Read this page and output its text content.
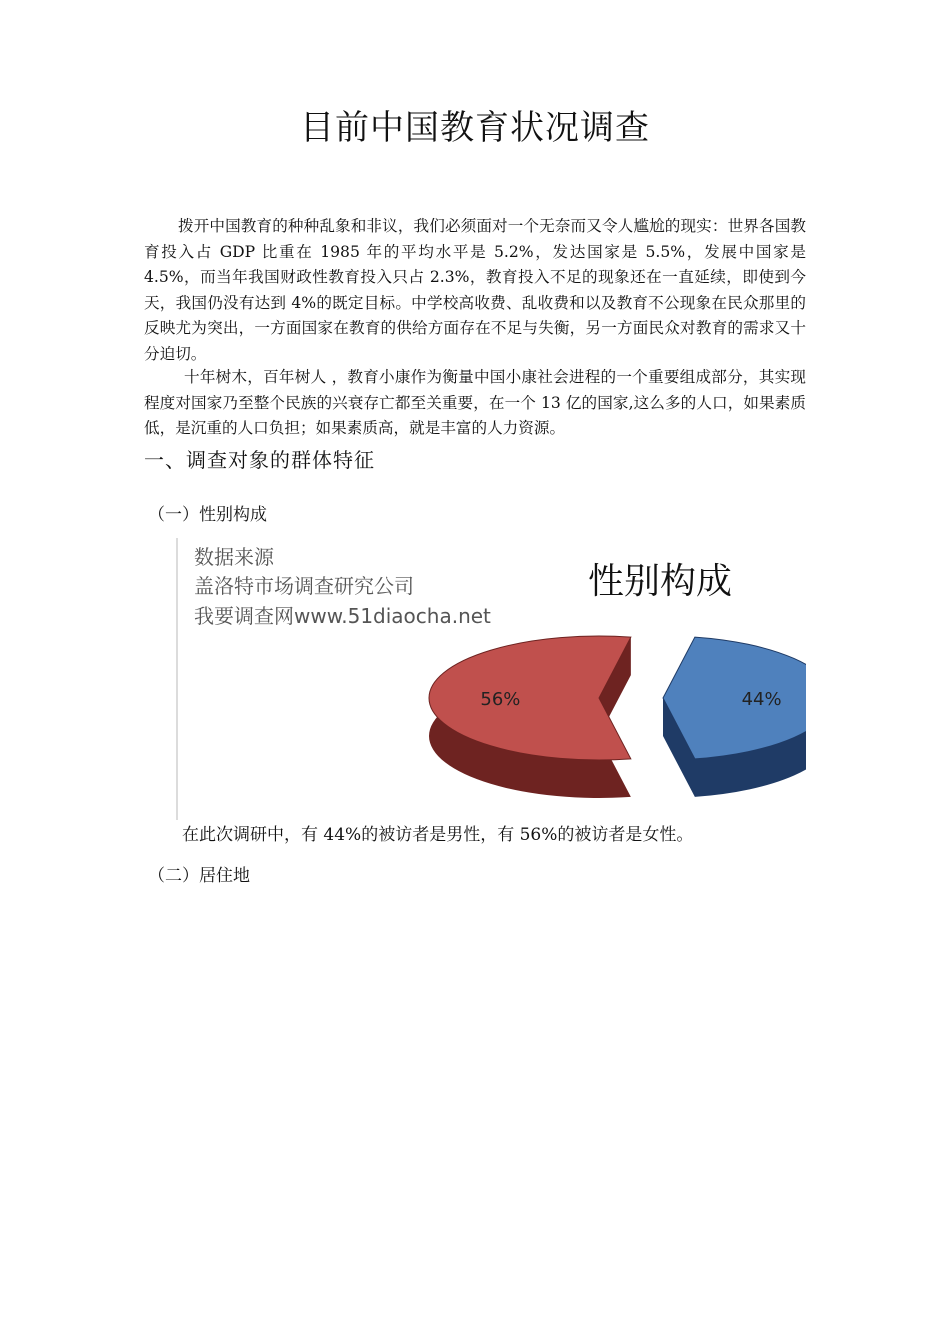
目前中国教育状况调查

拨开中国教育的种种乱象和非议，我们必须面对一个无奈而又令人尴尬的现实：世界各国教育投入占 GDP 比重在 1985 年的平均水平是 5.2%，发达国家是 5.5%，发展中国家是 4.5%，而当年我国财政性教育投入只占 2.3%，教育投入不足的现象还在一直延续，即使到今天，我国仍没有达到 4%的既定目标。中学校高收费、乱收费和以及教育不公现象在民众那里的反映尤为突出，一方面国家在教育的供给方面存在不足与失衡，另一方面民众对教育的需求又十分迫切。

十年树木，百年树人 ，教育小康作为衡量中国小康社会进程的一个重要组成部分，其实现程度对国家乃至整个民族的兴衰存亡都至关重要，在一个 13 亿的国家,这么多的人口，如果素质低，是沉重的人口负担；如果素质高，就是丰富的人力资源。

一、调查对象的群体特征
（一）性别构成
数据来源
盖洛特市场调查研究公司
我要调查网www.51diaocha.net
性别构成
44%
56%
在此次调研中，有 44%的被访者是男性，有 56%的被访者是女性。
（二）居住地
